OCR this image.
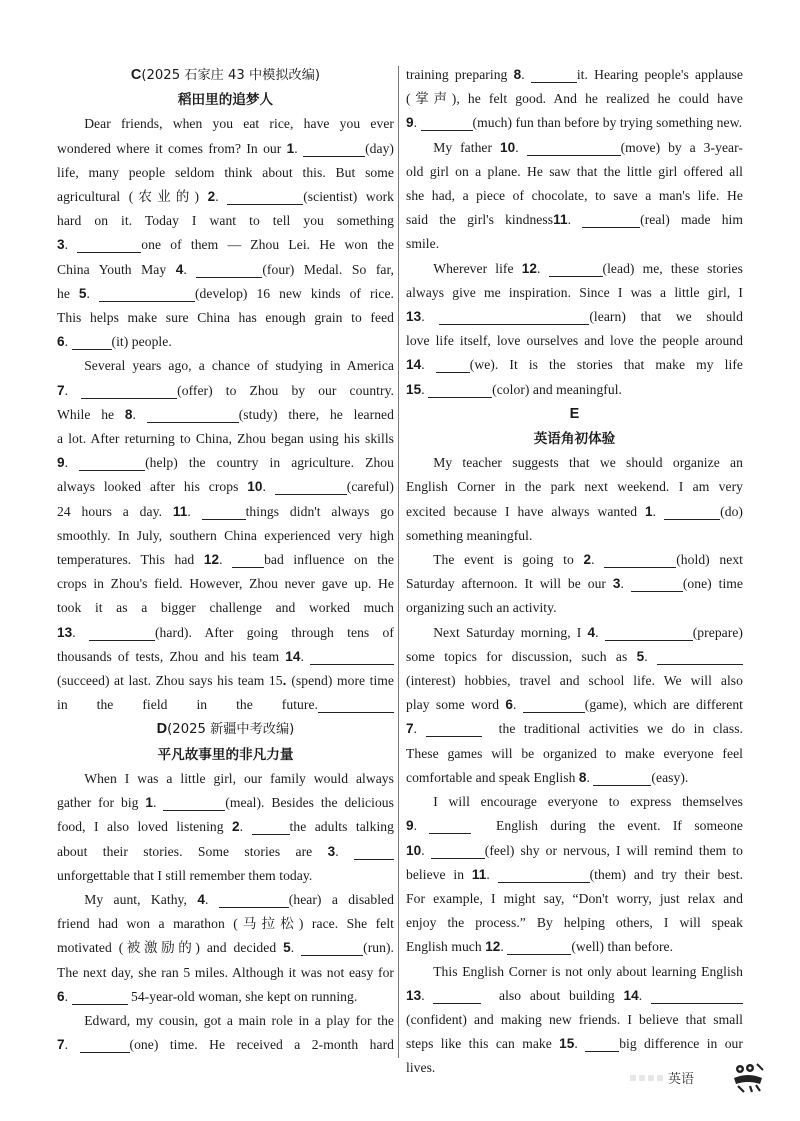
C(2025 石家庄 43 中模拟改编)

稻田里的追梦人

Dear friends, when you eat rice, have you ever

wondered where it comes from? In our 1.	(day)

life, many people seldom think about this. But some

agricultural (农业的) 2.	(scientist) work

hard on it. Today I want to tell you something

3.	one of them — Zhou Lei. He won the

China Youth May 4.	(four) Medal. So far,

he 5.	(develop) 16 new kinds of rice.

This helps make sure China has enough grain to feed

6.	(it) people.

Several years ago, a chance of studying in America

7.	(offer) to Zhou by our country.

While he 8.	(study) there, he learned

a lot. After returning to China, Zhou began using his skills

9.	(help) the country in agriculture. Zhou

always looked after his crops 10.	(careful)

24 hours a day. 11.	things didn't always go

smoothly. In July, southern China experienced very high

temperatures. This had 12. bad influence on the

crops in Zhou's field. However, Zhou never gave up. He

took it as a bigger challenge and worked much

13.	(hard). After going through tens of

thousands of tests, Zhou and his team 14.

(succeed) at last. Zhou says his team 15. (spend) more time in the field in the future.

D(2025 新疆中考改编)

平凡故事里的非凡力量

When I was a little girl, our family would always

gather for big 1.	(meal). Besides the delicious

food, I also loved listening 2.	the adults talking

about their stories. Some stories are 3.

unforgettable that I still remember them today.

My aunt, Kathy, 4.	(hear) a disabled

friend had won a marathon (马拉松) race. She felt

motivated (被激励的) and decided 5.	(run).

The next day, she ran 5 miles. Although it was not easy for

6.	54-year-old woman, she kept on running.

Edward, my cousin, got a main role in a play for the

7.	(one) time. He received a 2-month hard

training preparing 8.	it. Hearing people's applause

(掌声), he felt good. And he realized he could have

9.	(much) fun than before by trying something new.

My father 10.	(move) by a 3-year-

old girl on a plane. He saw that the little girl offered all

she had, a piece of chocolate, to save a man's life. He

said the girl's kindness11.	(real) made him

smile.

Wherever life 12.	(lead) me, these stories

always give me inspiration. Since I was a little girl, I

13.	(learn) that we should

love life itself, love ourselves and love the people around

14.	(we). It is the stories that make my life

15.	(color) and meaningful.

E

英语角初体验

My teacher suggests that we should organize an

English Corner in the park next weekend. I am very

excited because I have always wanted 1.	(do)

something meaningful.

The event is going to 2.	(hold) next

Saturday afternoon. It will be our 3.	(one) time

organizing such an activity.

Next Saturday morning, I 4.	(prepare)

some topics for discussion, such as 5.

(interest) hobbies, travel and school life. We will also

play some word 6.	(game), which are different

7.	the traditional activities we do in class.

These games will be organized to make everyone feel

comfortable and speak English 8.	(easy).

I will encourage everyone to express themselves

9.	English during the event. If someone

10.	(feel) shy or nervous, I will remind them to

believe in 11.	(them) and try their best.

For example, I might say, “Don't worry, just relax and

enjoy the process.” By helping others, I will speak

English much 12.	(well) than before.

This English Corner is not only about learning English

13.	also about building 14.

(confident) and making new friends. I believe that small

steps like this can make 15.	big difference in our

lives.

英语
